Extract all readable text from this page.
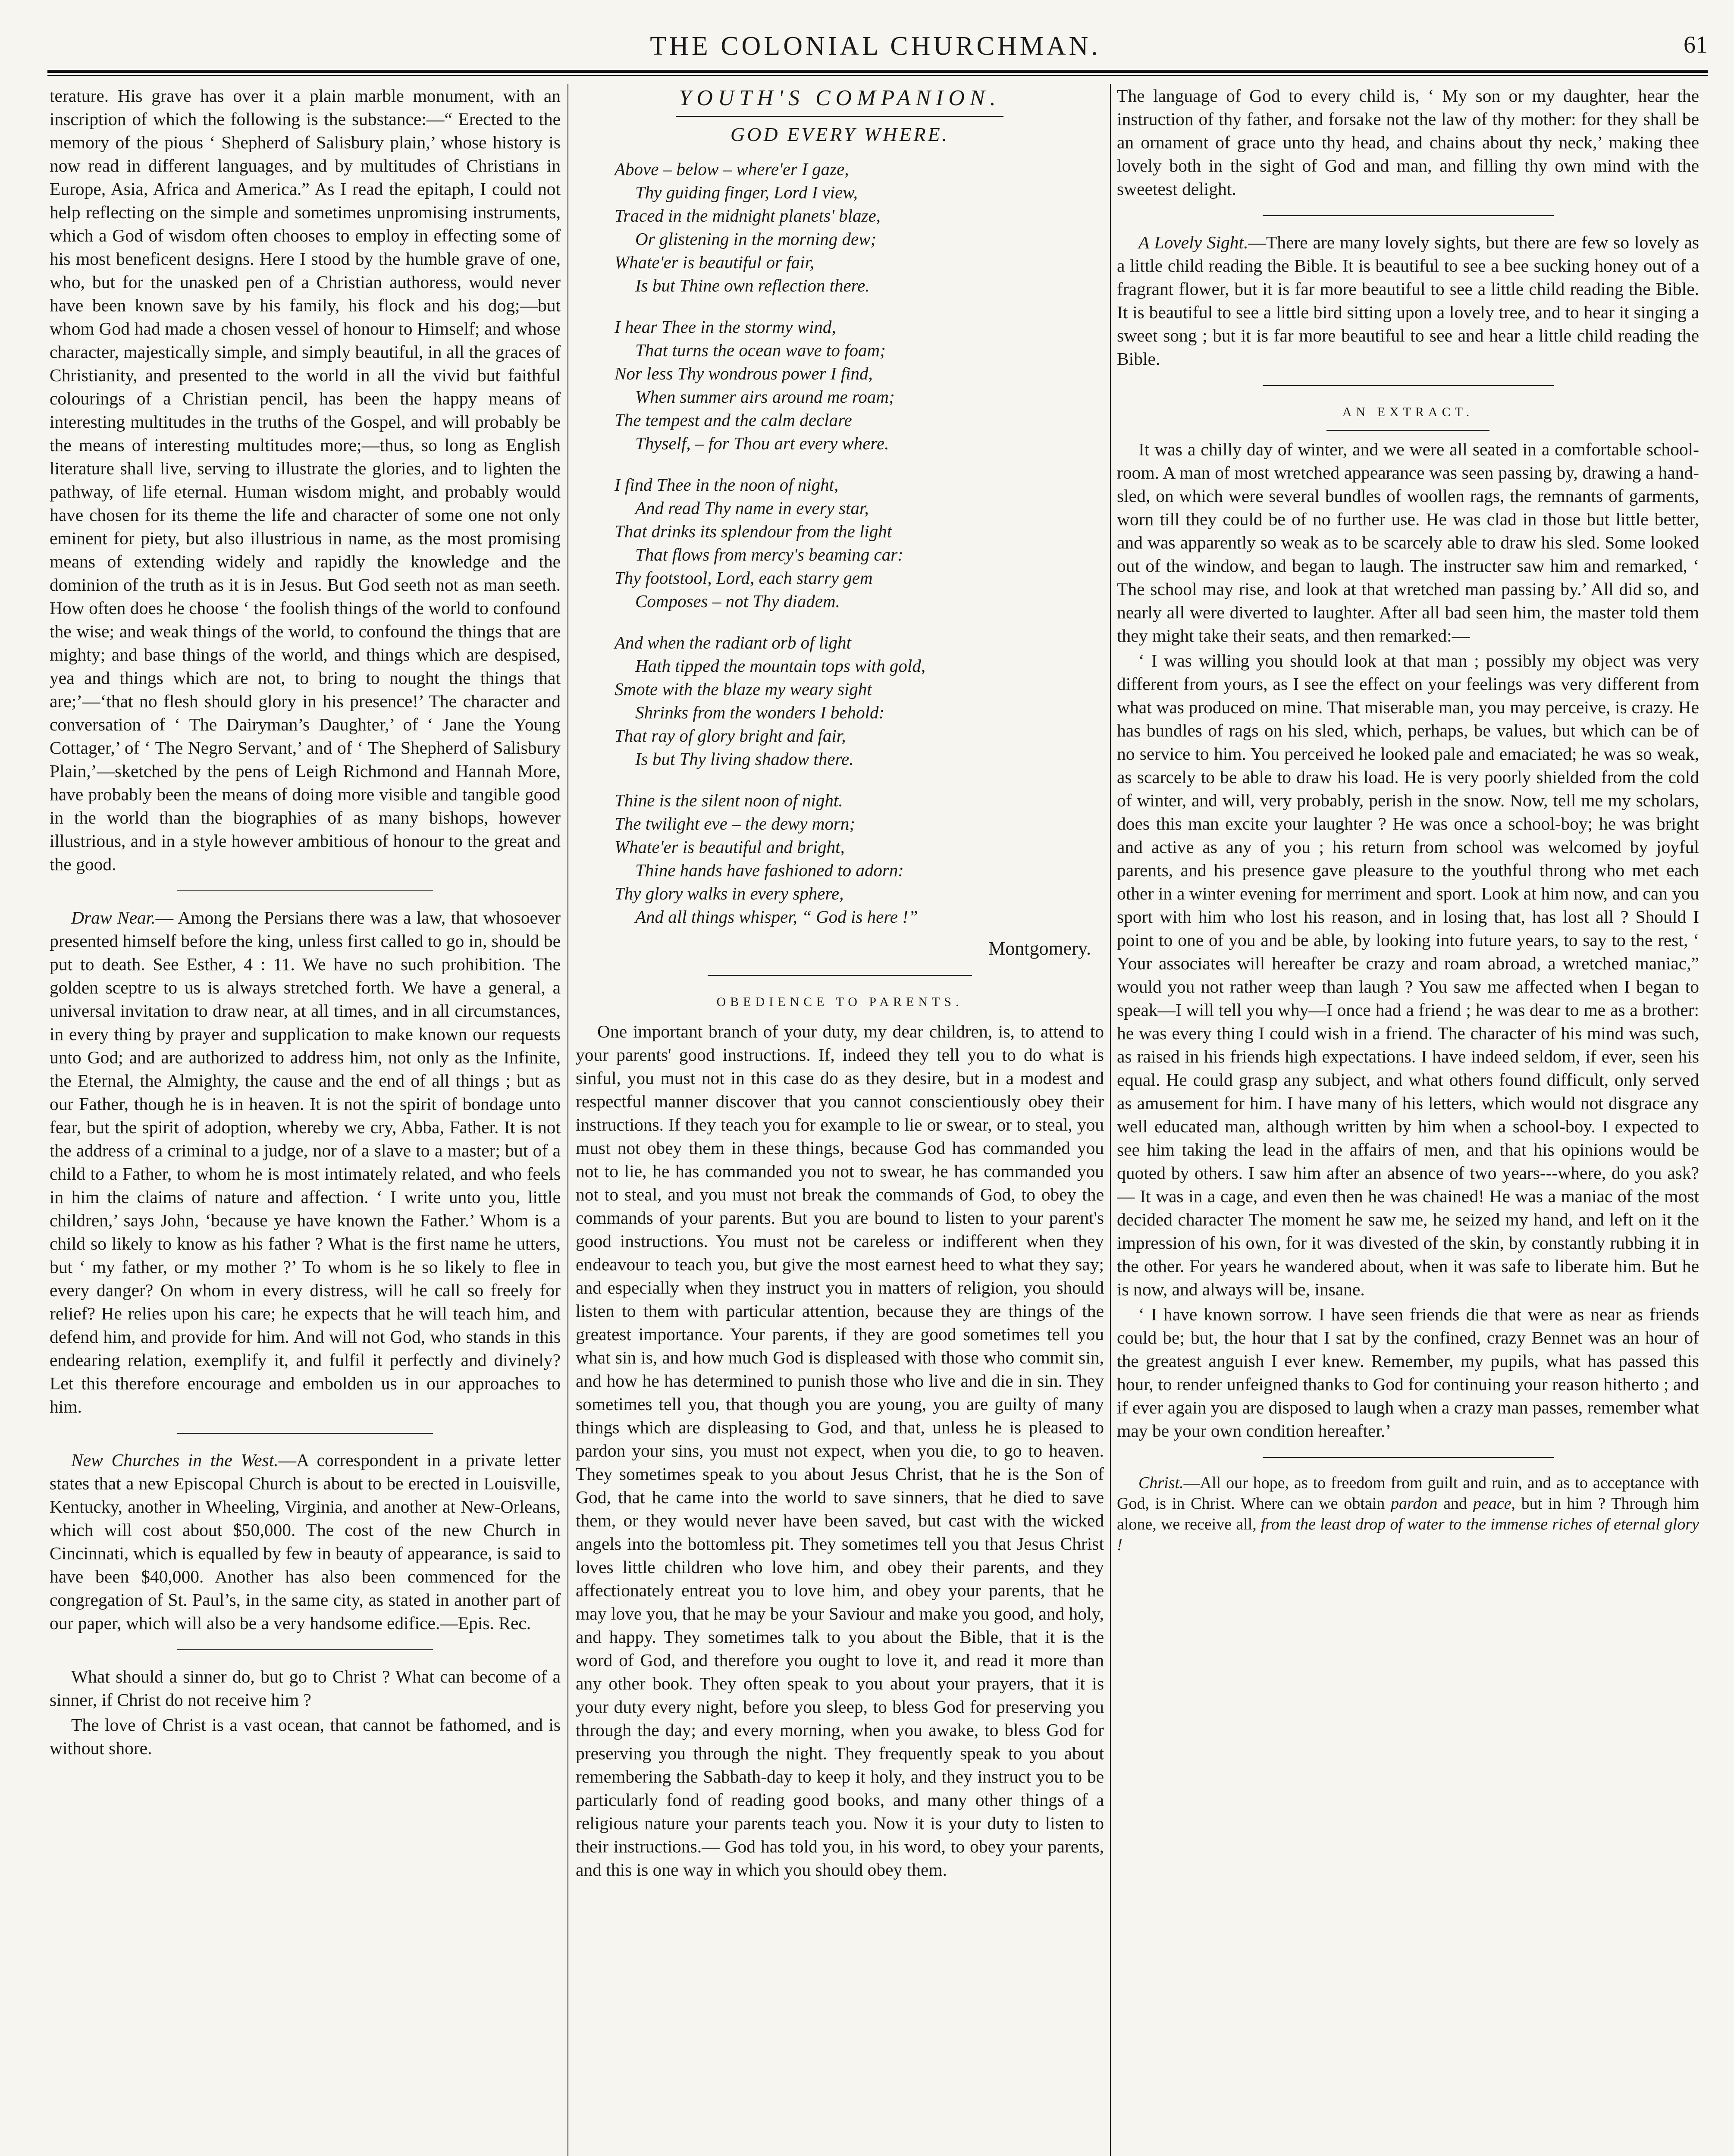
THE COLONIAL CHURCHMAN.	61

terature. His grave has over it a plain marble monument, with an inscription of which the following is the substance:—“ Erected to the memory of the pious ‘ Shepherd of Salisbury plain,’ whose history is now read in different languages, and by multitudes of Christians in Europe, Asia, Africa and America.” As I read the epitaph, I could not help reflecting on the simple and sometimes unpromising instruments, which a God of wisdom often chooses to employ in effecting some of his most beneficent designs. Here I stood by the humble grave of one, who, but for the unasked pen of a Christian authoress, would never have been known save by his family, his flock and his dog;—but whom God had made a chosen vessel of honour to Himself; and whose character, majestically simple, and simply beautiful, in all the graces of Christianity, and presented to the world in all the vivid but faithful colourings of a Christian pencil, has been the happy means of interesting multitudes in the truths of the Gospel, and will probably be the means of interesting multitudes more;—thus, so long as English literature shall live, serving to illustrate the glories, and to lighten the pathway, of life eternal. Human wisdom might, and probably would have chosen for its theme the life and character of some one not only eminent for piety, but also illustrious in name, as the most promising means of extending widely and rapidly the knowledge and the dominion of the truth as it is in Jesus. But God seeth not as man seeth. How often does he choose ‘ the foolish things of the world to confound the wise; and weak things of the world, to confound the things that are mighty; and base things of the world, and things which are despised, yea and things which are not, to bring to nought the things that are;’—‘that no flesh should glory in his presence!’ The character and conversation of ‘ The Dairyman’s Daughter,’ of ‘ Jane the Young Cottager,’ of ‘ The Negro Servant,’ and of ‘ The Shepherd of Salisbury Plain,’—sketched by the pens of Leigh Richmond and Hannah More, have probably been the means of doing more visible and tangible good in the world than the biographies of as many bishops, however illustrious, and in a style however ambitious of honour to the great and the good.

Draw Near.— Among the Persians there was a law, that whosoever presented himself before the king, unless first called to go in, should be put to death. See Esther, 4 : 11. We have no such prohibition. The golden sceptre to us is always stretched forth. We have a general, a universal invitation to draw near, at all times, and in all circumstances, in every thing by prayer and supplication to make known our requests unto God; and are authorized to address him, not only as the Infinite, the Eternal, the Almighty, the cause and the end of all things ; but as our Father, though he is in heaven. It is not the spirit of bondage unto fear, but the spirit of adoption, whereby we cry, Abba, Father. It is not the address of a criminal to a judge, nor of a slave to a master; but of a child to a Father, to whom he is most intimately related, and who feels in him the claims of nature and affection. ‘ I write unto you, little children,’ says John, ‘because ye have known the Father.’ Whom is a child so likely to know as his father ? What is the first name he utters, but ‘ my father, or my mother ?’ To whom is he so likely to flee in every danger? On whom in every distress, will he call so freely for relief? He relies upon his care; he expects that he will teach him, and defend him, and provide for him. And will not God, who stands in this endearing relation, exemplify it, and fulfil it perfectly and divinely? Let this therefore encourage and embolden us in our approaches to him.

New Churches in the West.—A correspondent in a private letter states that a new Episcopal Church is about to be erected in Louisville, Kentucky, another in Wheeling, Virginia, and another at New-Orleans, which will cost about $50,000. The cost of the new Church in Cincinnati, which is equalled by few in beauty of appearance, is said to have been $40,000. Another has also been commenced for the congregation of St. Paul’s, in the same city, as stated in another part of our paper, which will also be a very handsome edifice.—Epis. Rec.

What should a sinner do, but go to Christ ? What can become of a sinner, if Christ do not receive him ?

The love of Christ is a vast ocean, that cannot be fathomed, and is without shore.

YOUTH'S COMPANION.
GOD EVERY WHERE.
Above – below – where'er I gaze,
Thy guiding finger, Lord I view,
Traced in the midnight planets' blaze,
Or glistening in the morning dew;
Whate'er is beautiful or fair,
Is but Thine own reflection there.
I hear Thee in the stormy wind,
That turns the ocean wave to foam;
Nor less Thy wondrous power I find,
When summer airs around me roam;
The tempest and the calm declare
Thyself, – for Thou art every where.
I find Thee in the noon of night,
And read Thy name in every star,
That drinks its splendour from the light
That flows from mercy's beaming car:
Thy footstool, Lord, each starry gem
Composes – not Thy diadem.
And when the radiant orb of light
Hath tipped the mountain tops with gold,
Smote with the blaze my weary sight
Shrinks from the wonders I behold:
That ray of glory bright and fair,
Is but Thy living shadow there.
Thine is the silent noon of night.
The twilight eve – the dewy morn;
Whate'er is beautiful and bright,
Thine hands have fashioned to adorn:
Thy glory walks in every sphere,
And all things whisper, “ God is here !”
Montgomery.
OBEDIENCE TO PARENTS.

One important branch of your duty, my dear children, is, to attend to your parents' good instructions. If, indeed they tell you to do what is sinful, you must not in this case do as they desire, but in a modest and respectful manner discover that you cannot conscientiously obey their instructions. If they teach you for example to lie or swear, or to steal, you must not obey them in these things, because God has commanded you not to lie, he has commanded you not to swear, he has commanded you not to steal, and you must not break the commands of God, to obey the commands of your parents. But you are bound to listen to your parent's good instructions. You must not be careless or indifferent when they endeavour to teach you, but give the most earnest heed to what they say; and especially when they instruct you in matters of religion, you should listen to them with particular attention, because they are things of the greatest importance. Your parents, if they are good sometimes tell you what sin is, and how much God is displeased with those who commit sin, and how he has determined to punish those who live and die in sin. They sometimes tell you, that though you are young, you are guilty of many things which are displeasing to God, and that, unless he is pleased to pardon your sins, you must not expect, when you die, to go to heaven. They sometimes speak to you about Jesus Christ, that he is the Son of God, that he came into the world to save sinners, that he died to save them, or they would never have been saved, but cast with the wicked angels into the bottomless pit. They sometimes tell you that Jesus Christ loves little children who love him, and obey their parents, and they affectionately entreat you to love him, and obey your parents, that he may love you, that he may be your Saviour and make you good, and holy, and happy. They sometimes talk to you about the Bible, that it is the word of God, and therefore you ought to love it, and read it more than any other book. They often speak to you about your prayers, that it is your duty every night, before you sleep, to bless God for preserving you through the day; and every morning, when you awake, to bless God for preserving you through the night. They frequently speak to you about remembering the Sabbath-day to keep it holy, and they instruct you to be particularly fond of reading good books, and many other things of a religious nature your parents teach you. Now it is your duty to listen to their instructions.— God has told you, in his word, to obey your parents, and this is one way in which you should obey them.

The language of God to every child is, ‘ My son or my daughter, hear the instruction of thy father, and forsake not the law of thy mother: for they shall be an ornament of grace unto thy head, and chains about thy neck,’ making thee lovely both in the sight of God and man, and filling thy own mind with the sweetest delight.

A Lovely Sight.—There are many lovely sights, but there are few so lovely as a little child reading the Bible. It is beautiful to see a bee sucking honey out of a fragrant flower, but it is far more beautiful to see a little child reading the Bible. It is beautiful to see a little bird sitting upon a lovely tree, and to hear it singing a sweet song ; but it is far more beautiful to see and hear a little child reading the Bible.

AN EXTRACT.

It was a chilly day of winter, and we were all seated in a comfortable school-room. A man of most wretched appearance was seen passing by, drawing a hand-sled, on which were several bundles of woollen rags, the remnants of garments, worn till they could be of no further use. He was clad in those but little better, and was apparently so weak as to be scarcely able to draw his sled. Some looked out of the window, and began to laugh. The instructer saw him and remarked, ‘ The school may rise, and look at that wretched man passing by.’ All did so, and nearly all were diverted to laughter. After all bad seen him, the master told them they might take their seats, and then remarked:—

‘ I was willing you should look at that man ; possibly my object was very different from yours, as I see the effect on your feelings was very different from what was produced on mine. That miserable man, you may perceive, is crazy. He has bundles of rags on his sled, which, perhaps, be values, but which can be of no service to him. You perceived he looked pale and emaciated; he was so weak, as scarcely to be able to draw his load. He is very poorly shielded from the cold of winter, and will, very probably, perish in the snow. Now, tell me my scholars, does this man excite your laughter ? He was once a school-boy; he was bright and active as any of you ; his return from school was welcomed by joyful parents, and his presence gave pleasure to the youthful throng who met each other in a winter evening for merriment and sport. Look at him now, and can you sport with him who lost his reason, and in losing that, has lost all ? Should I point to one of you and be able, by looking into future years, to say to the rest, ‘ Your associates will hereafter be crazy and roam abroad, a wretched maniac,” would you not rather weep than laugh ? You saw me affected when I began to speak—I will tell you why—I once had a friend ; he was dear to me as a brother: he was every thing I could wish in a friend. The character of his mind was such, as raised in his friends high expectations. I have indeed seldom, if ever, seen his equal. He could grasp any subject, and what others found difficult, only served as amusement for him. I have many of his letters, which would not disgrace any well educated man, although written by him when a school-boy. I expected to see him taking the lead in the affairs of men, and that his opinions would be quoted by others. I saw him after an absence of two years---where, do you ask?— It was in a cage, and even then he was chained! He was a maniac of the most decided character The moment he saw me, he seized my hand, and left on it the impression of his own, for it was divested of the skin, by constantly rubbing it in the other. For years he wandered about, when it was safe to liberate him. But he is now, and always will be, insane.

‘ I have known sorrow. I have seen friends die that were as near as friends could be; but, the hour that I sat by the confined, crazy Bennet was an hour of the greatest anguish I ever knew. Remember, my pupils, what has passed this hour, to render unfeigned thanks to God for continuing your reason hitherto ; and if ever again you are disposed to laugh when a crazy man passes, remember what may be your own condition hereafter.’

Christ.—All our hope, as to freedom from guilt and ruin, and as to acceptance with God, is in Christ. Where can we obtain pardon and peace, but in him ? Through him alone, we receive all, from the least drop of water to the immense riches of eternal glory !
